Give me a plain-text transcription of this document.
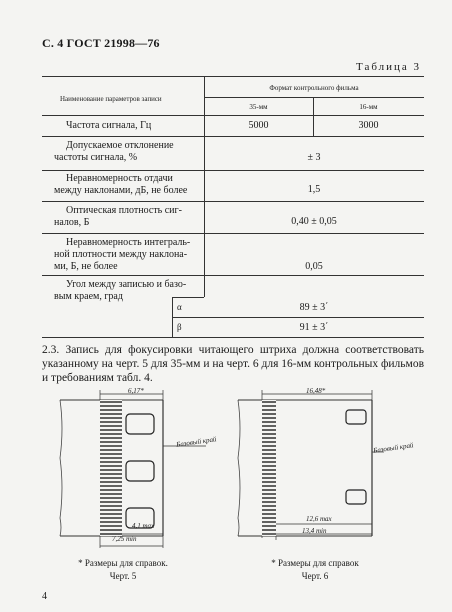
С. 4 ГОСТ 21998—76
Таблица 3
Наименование параметров записи
Формат контрольного фильма
35-мм	16-мм
Частота сигнала, Гц	5000	3000
Допускаемое отклонение
частоты сигнала, %	± 3
Неравномерность отдачи
между наклонами, дБ, не более	1,5
Оптическая плотность сиг-
налов, Б	0,40 ± 0,05
Неравномерность интеграль-
ной плотности между наклона-
ми, Б, не более	0,05
Угол между записью и базо-
вым краем, град
α	89 ± 3΄
β	91 ± 3΄
2.3. Запись для фокусировки читающего штриха должна соответствовать указанному на черт. 5 для 35-мм и на черт. 6 для 16-мм контрольных фильмов и требованиям табл. 4.
6,17*
4,1 max
7,25 min
Базовый край
* Размеры для справок.
Черт. 5
16,48*
12,6 max
13,4 min
Базовый край
* Размеры для справок
Черт. 6
4
